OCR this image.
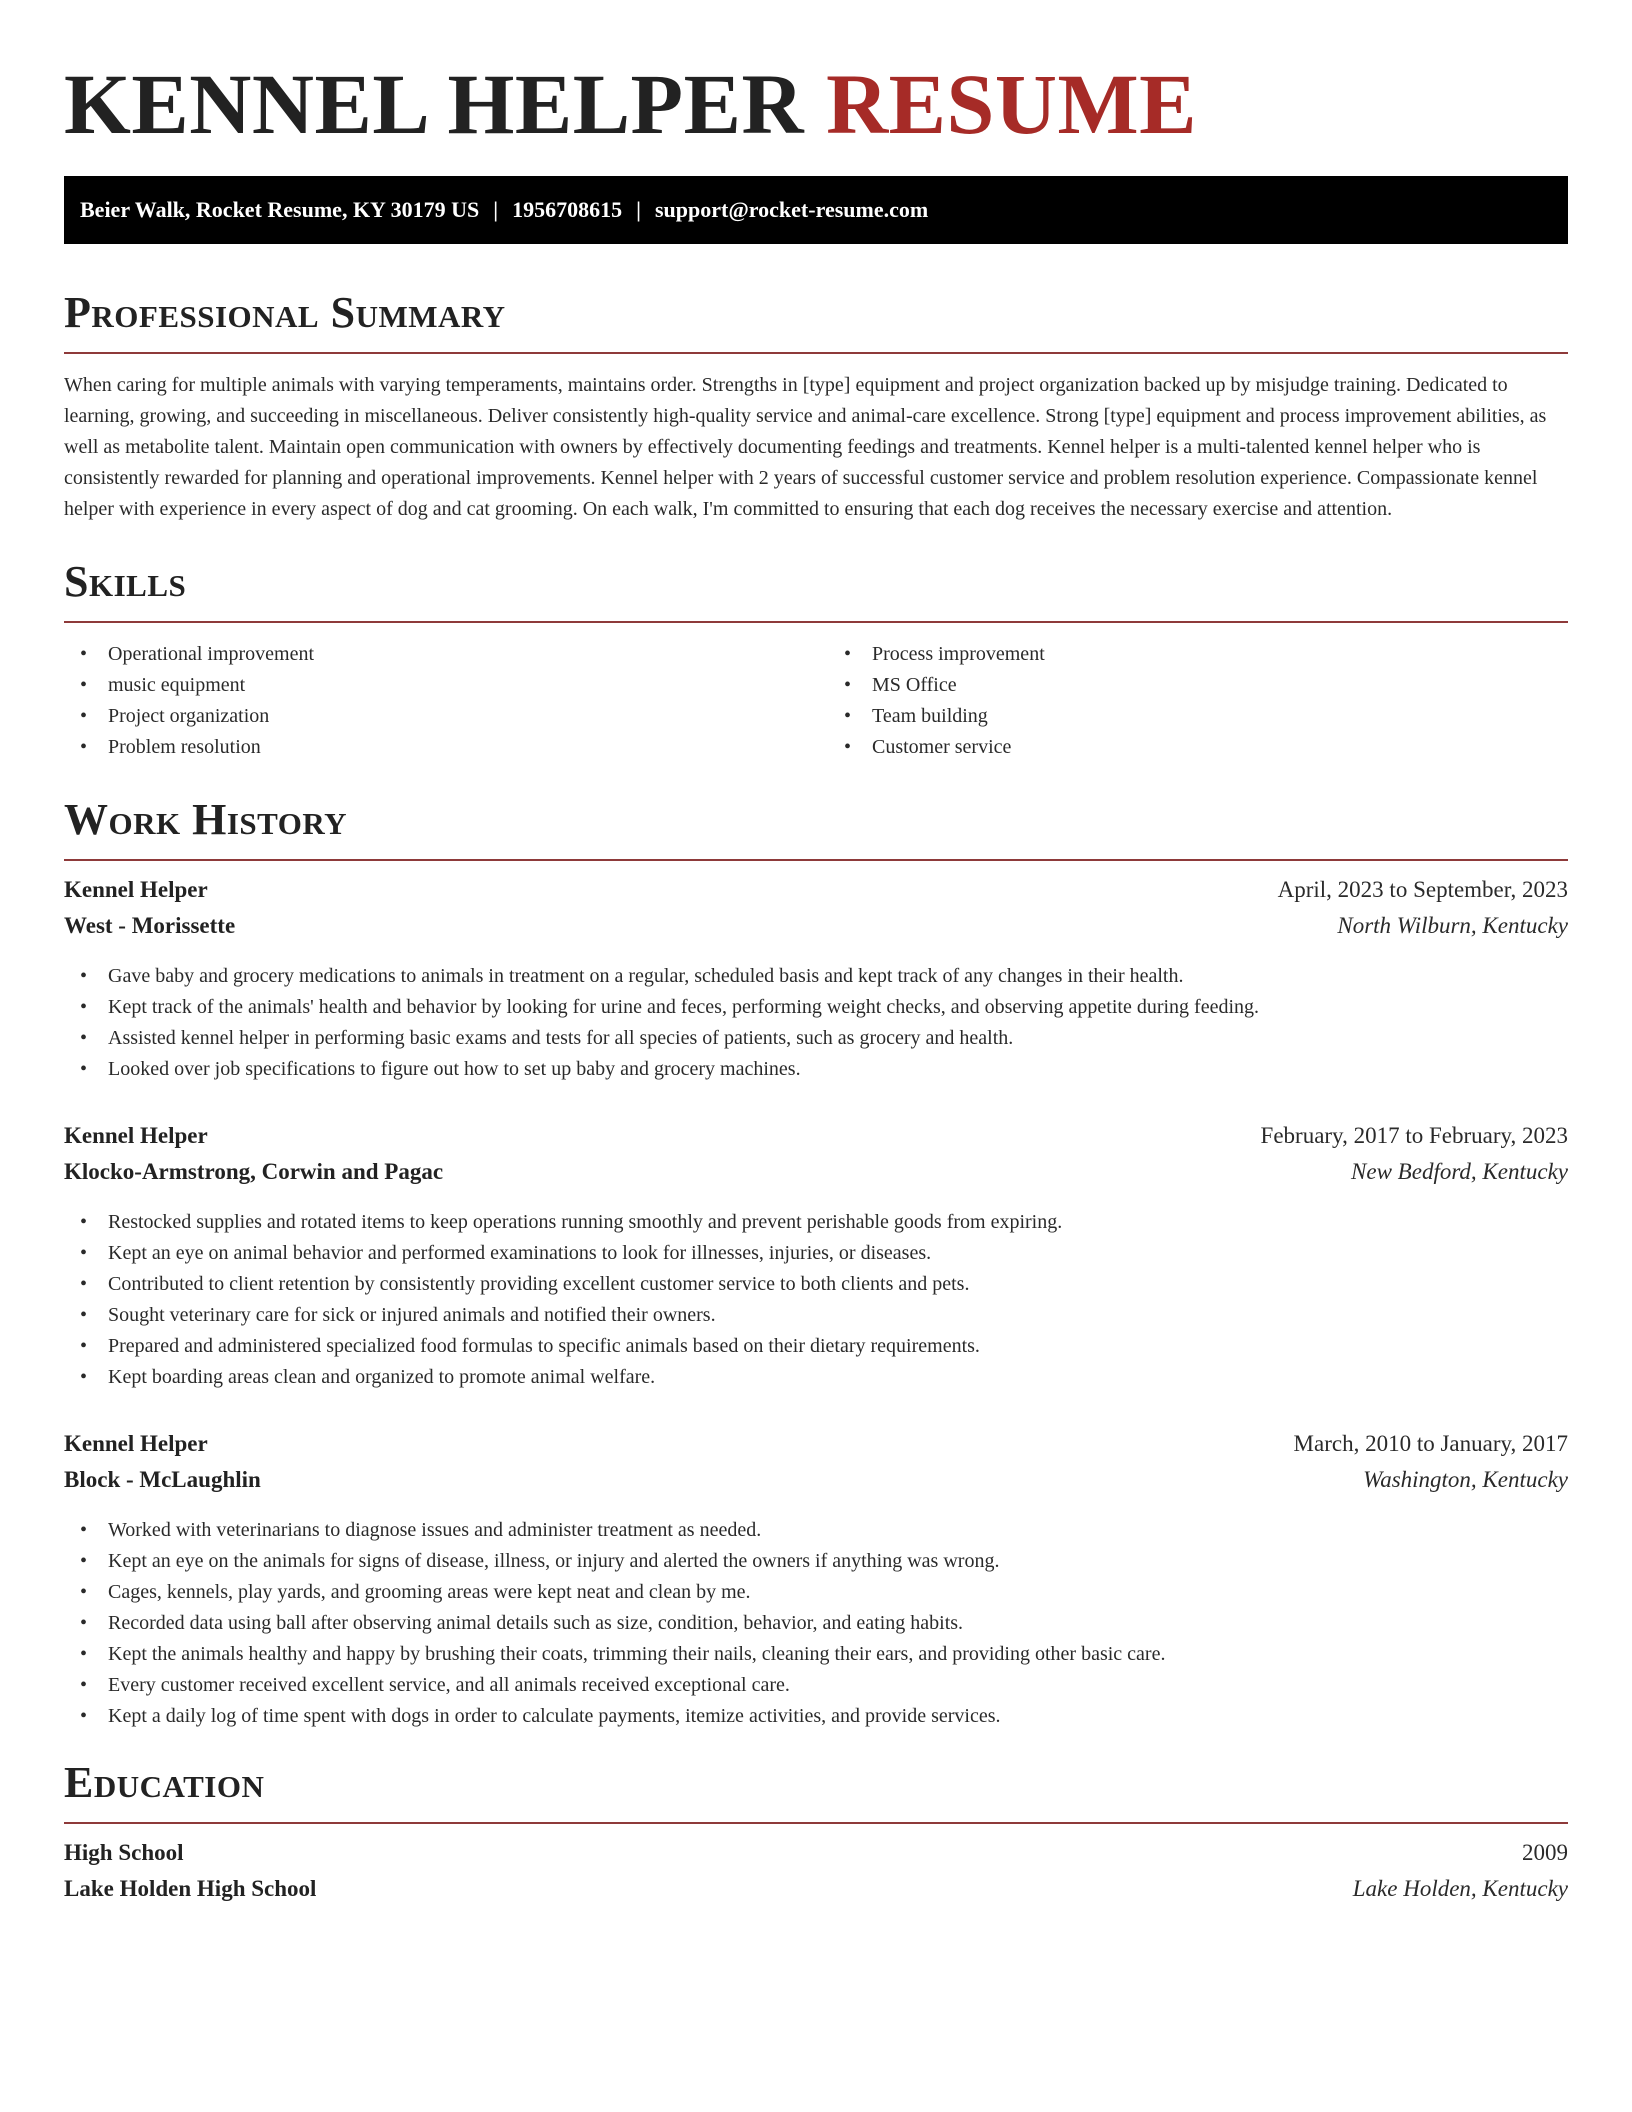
KENNEL HELPER RESUME
Beier Walk, Rocket Resume, KY 30179 US | 1956708615 | support@rocket-resume.com
Professional Summary

When caring for multiple animals with varying temperaments, maintains order. Strengths in [type] equipment and project organization backed up by misjudge training. Dedicated to learning, growing, and succeeding in miscellaneous. Deliver consistently high-quality service and animal-care excellence. Strong [type] equipment and process improvement abilities, as well as metabolite talent. Maintain open communication with owners by effectively documenting feedings and treatments. Kennel helper is a multi-talented kennel helper who is consistently rewarded for planning and operational improvements. Kennel helper with 2 years of successful customer service and problem resolution experience. Compassionate kennel helper with experience in every aspect of dog and cat grooming. On each walk, I'm committed to ensuring that each dog receives the necessary exercise and attention.

Skills
• Operational improvement
• music equipment
• Project organization
• Problem resolution
• Process improvement
• MS Office
• Team building
• Customer service
Work History
Kennel Helper	April, 2023 to September, 2023
West - Morissette	North Wilburn, Kentucky
• Gave baby and grocery medications to animals in treatment on a regular, scheduled basis and kept track of any changes in their health.
• Kept track of the animals' health and behavior by looking for urine and feces, performing weight checks, and observing appetite during feeding.
• Assisted kennel helper in performing basic exams and tests for all species of patients, such as grocery and health.
• Looked over job specifications to figure out how to set up baby and grocery machines.
Kennel Helper	February, 2017 to February, 2023
Klocko-Armstrong, Corwin and Pagac	New Bedford, Kentucky
• Restocked supplies and rotated items to keep operations running smoothly and prevent perishable goods from expiring.
• Kept an eye on animal behavior and performed examinations to look for illnesses, injuries, or diseases.
• Contributed to client retention by consistently providing excellent customer service to both clients and pets.
• Sought veterinary care for sick or injured animals and notified their owners.
• Prepared and administered specialized food formulas to specific animals based on their dietary requirements.
• Kept boarding areas clean and organized to promote animal welfare.
Kennel Helper	March, 2010 to January, 2017
Block - McLaughlin	Washington, Kentucky
• Worked with veterinarians to diagnose issues and administer treatment as needed.
• Kept an eye on the animals for signs of disease, illness, or injury and alerted the owners if anything was wrong.
• Cages, kennels, play yards, and grooming areas were kept neat and clean by me.
• Recorded data using ball after observing animal details such as size, condition, behavior, and eating habits.
• Kept the animals healthy and happy by brushing their coats, trimming their nails, cleaning their ears, and providing other basic care.
• Every customer received excellent service, and all animals received exceptional care.
• Kept a daily log of time spent with dogs in order to calculate payments, itemize activities, and provide services.
Education
High School	2009
Lake Holden High School	Lake Holden, Kentucky
